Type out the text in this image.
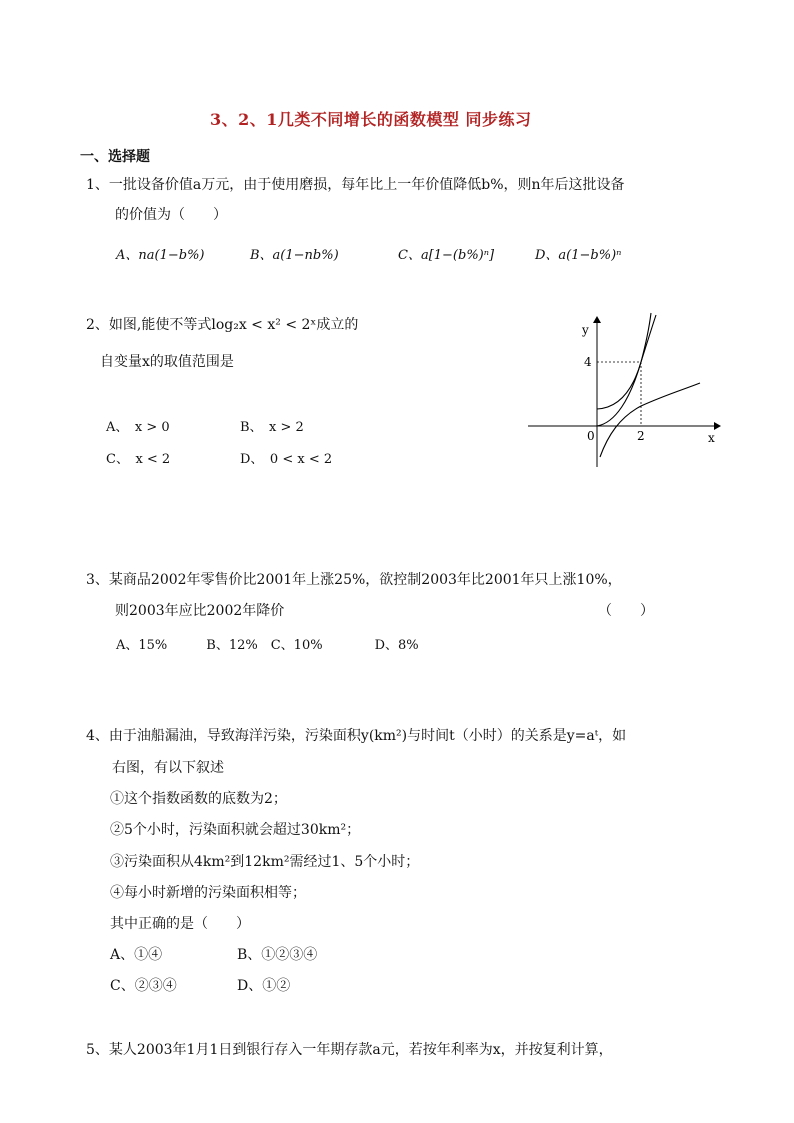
3、2、1几类不同增长的函数模型 同步练习
一、选择题
1、一批设备价值a万元，由于使用磨损，每年比上一年价值降低b%，则n年后这批设备
的价值为（　　）
A、na(1−b%)	B、a(1−nb%)	C、a[1−(b%)ⁿ]	D、a(1−b%)ⁿ
2、如图,能使不等式log₂x < x² < 2ˣ成立的
自变量x的取值范围是
A、　x > 0	B、　x > 2
C、　x < 2	D、　0 < x < 2
y
x
0	2
4
3、某商品2002年零售价比2001年上涨25%，欲控制2003年比2001年只上涨10%，
则2003年应比2002年降价	（　　）
A、15%　　　B、12%　C、10%　　　　D、8%
4、由于油船漏油，导致海洋污染，污染面积y(km²)与时间t（小时）的关系是y=aᵗ，如
右图，有以下叙述
①这个指数函数的底数为2；
②5个小时，污染面积就会超过30km²；
③污染面积从4km²到12km²需经过1、5个小时；
④每小时新增的污染面积相等；
其中正确的是（　　）
A、①④	B、①②③④
C、②③④	D、①②
5、某人2003年1月1日到银行存入一年期存款a元，若按年利率为x，并按复利计算，
